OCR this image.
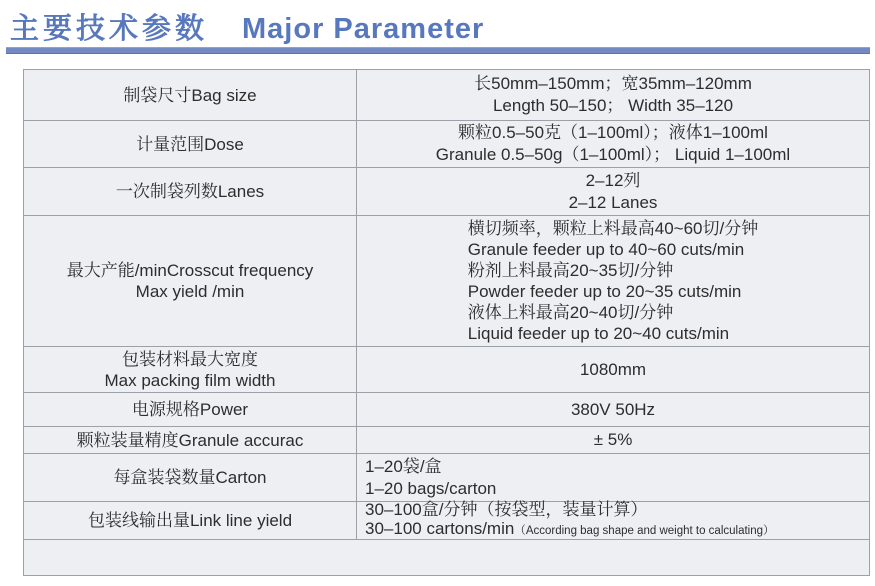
主要技术参数 Major Parameter
制袋尺寸Bag size
长50mm–150mm；宽35mm–120mm
Length 50–150； Width 35–120
计量范围Dose
颗粒0.5–50克（1–100ml）；液体1–100ml
Granule 0.5–50g（1–100ml）； Liquid 1–100ml
一次制袋列数Lanes
2–12列
2–12 Lanes
最大产能/minCrosscut frequency
Max yield /min
横切频率，颗粒上料最高40~60切/分钟
Granule feeder up to 40~60 cuts/min
粉剂上料最高20~35切/分钟
Powder feeder up to 20~35 cuts/min
液体上料最高20~40切/分钟
Liquid feeder up to 20~40 cuts/min
包装材料最大宽度
Max packing film width
1080mm
电源规格Power	380V 50Hz
颗粒装量精度Granule accurac	± 5%
每盒装袋数量Carton
1–20袋/盒
1–20 bags/carton
包装线输出量Link line yield
30–100盒/分钟（按袋型，装量计算）
30–100 cartons/min（According bag shape and weight to calculating）
